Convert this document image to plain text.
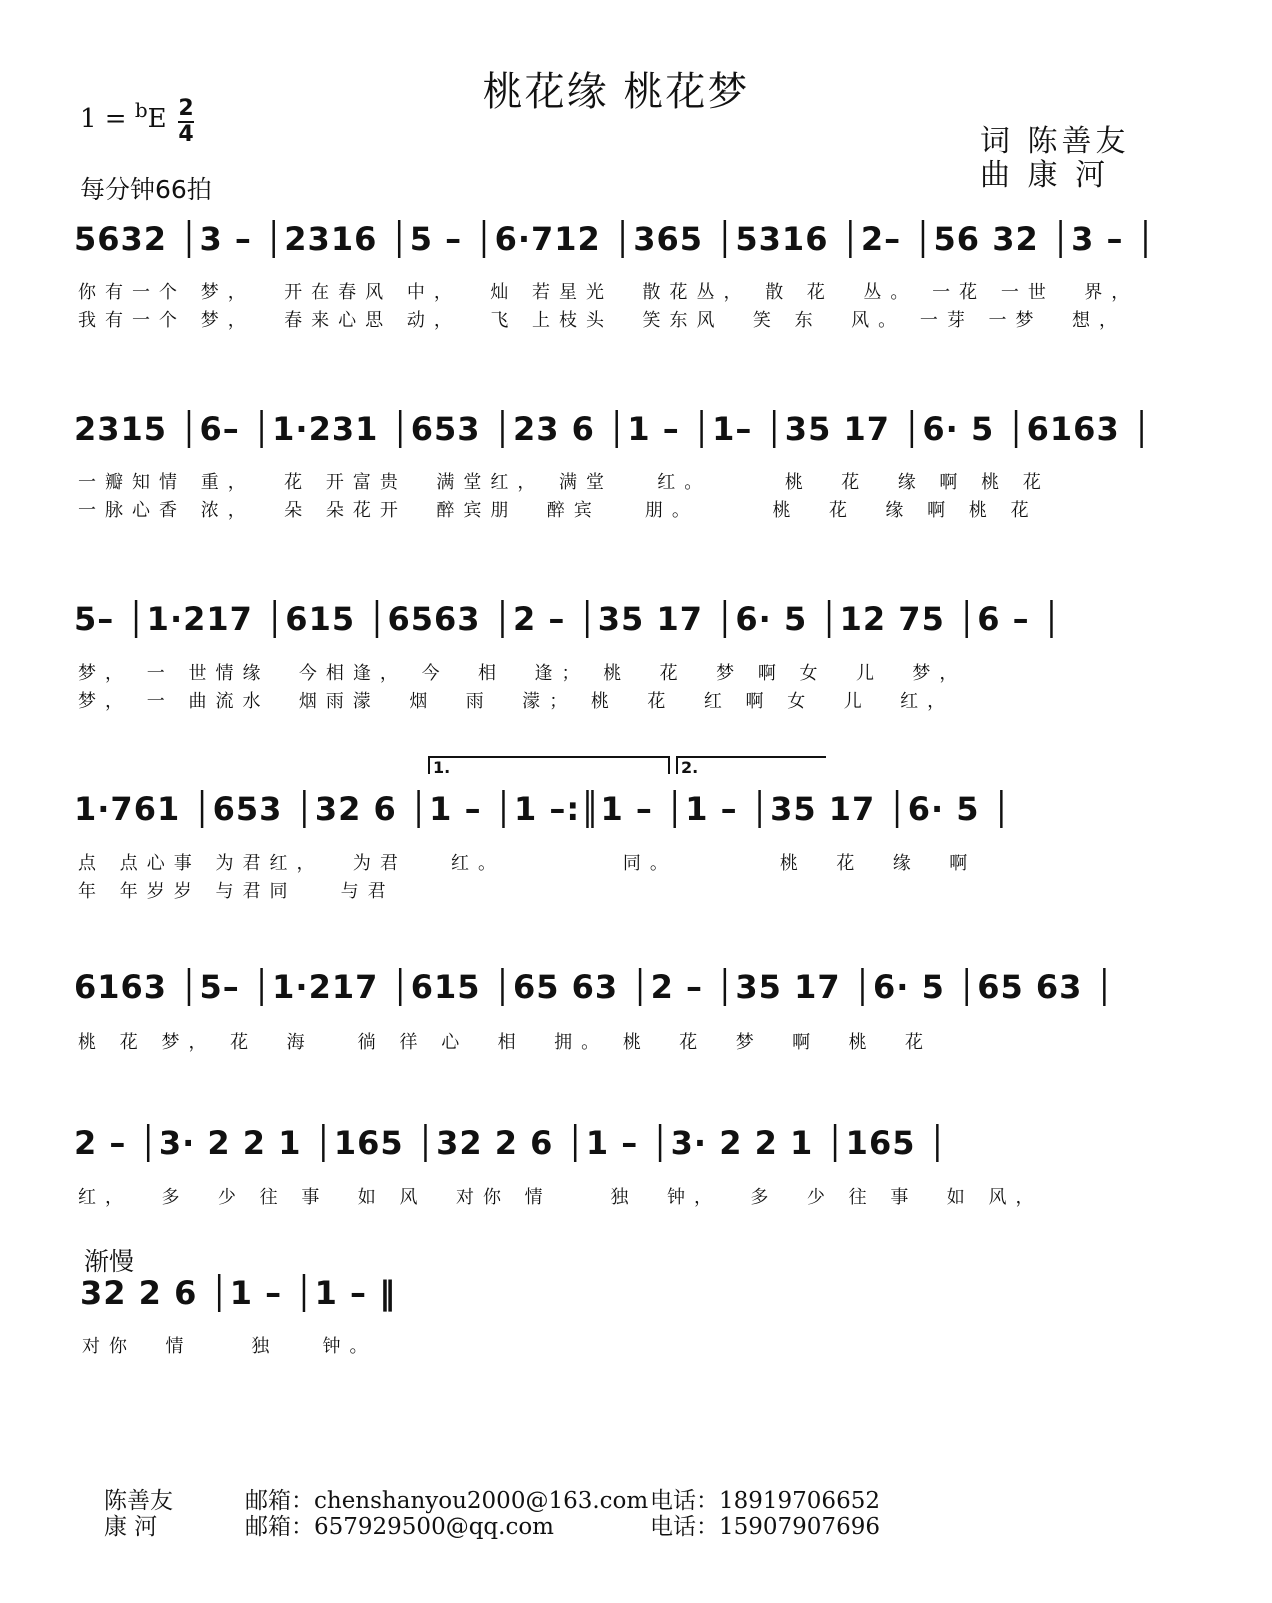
桃花缘 桃花梦
1 = $^b$E 2
4
每分钟66拍
词 陈善友
曲 康 河
5632 │3 – │2316 │5 – │6·712 │365 │5316 │2– │56 32 │3 – │
你有一个 梦，  开在春风 中，  灿 若星光  散花丛， 散 花  丛。 一花 一世  界，
我有一个 梦，  春来心思 动，  飞 上枝头  笑东风  笑 东  风。 一芽 一梦  想，
2315 │6– │1·231 │653 │23 6 │1 – │1– │35 17 │6· 5 │6163 │
一瓣知情 重，  花 开富贵  满堂红， 满堂   红。     桃  花  缘 啊 桃 花
一脉心香 浓，  朵 朵花开  醉宾朋  醉宾   朋。     桃  花  缘 啊 桃 花
5– │1·217 │615 │6563 │2 – │35 17 │6· 5 │12 75 │6 – │
梦， 一 世情缘  今相逢， 今  相  逢； 桃  花  梦 啊 女  儿  梦，
梦， 一 曲流水  烟雨濛  烟  雨  濛； 桃  花  红 啊 女  儿  红，
1.	2.
1·761 │653 │32 6 │1 – │1 –:║1 – │1 – │35 17 │6· 5 │
点 点心事 为君红，  为君   红。        同。       桃  花  缘  啊
年 年岁岁 与君同   与君
6163 │5– │1·217 │615 │65 63 │2 – │35 17 │6· 5 │65 63 │
桃 花 梦， 花  海   徜 徉 心  相  拥。 桃  花  梦  啊  桃  花
2 – │3· 2 2 1 │165 │32 2 6 │1 – │3· 2 2 1 │165 │
红，  多  少 往 事  如 风  对你 情    独  钟，  多  少 往 事  如 风，
渐慢
32 2 6 │1 – │1 – ‖
对你  情    独   钟。
陈善友	邮箱：chenshanyou2000@163.com 电话：18919706652
康 河	邮箱：657929500@qq.com	电话：15907907696
